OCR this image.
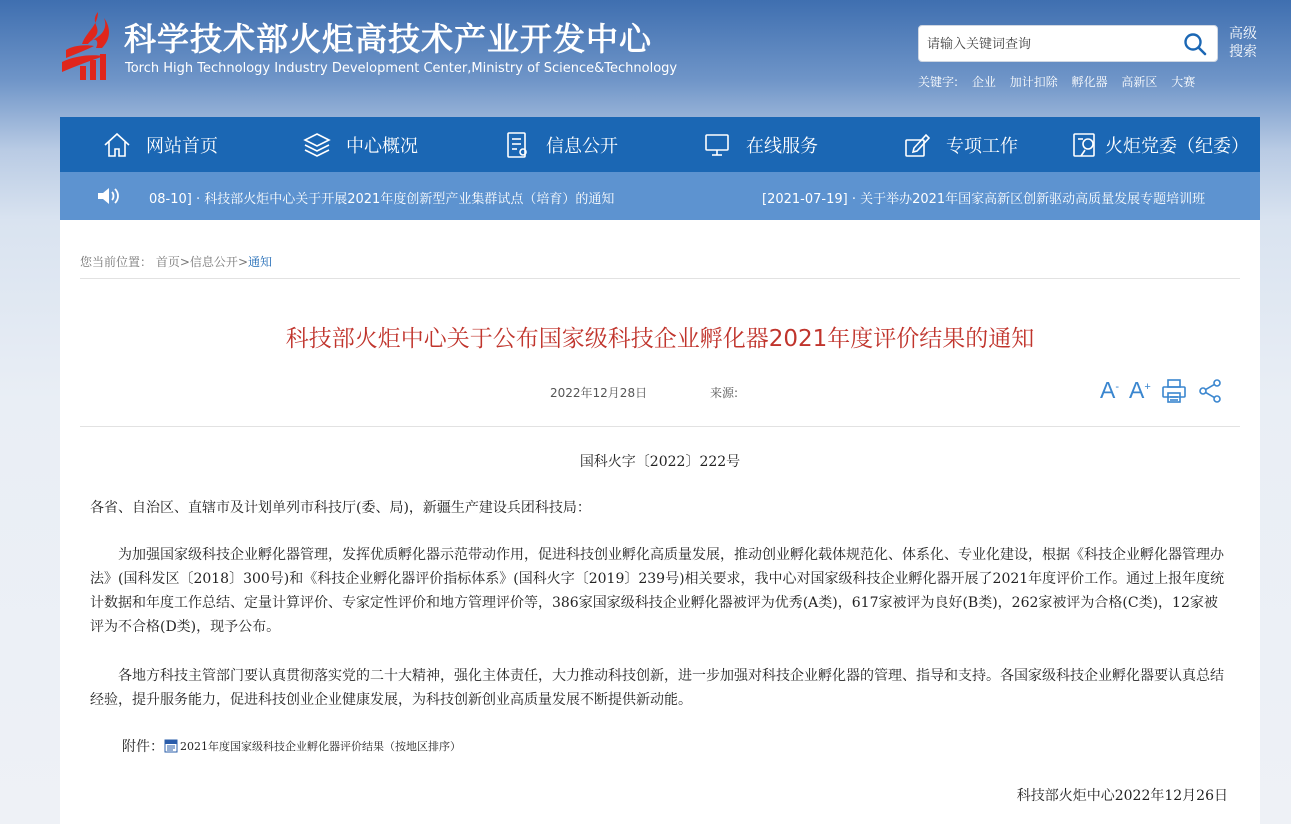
科学技术部火炬高技术产业开发中心
Torch High Technology Industry Development Center,Ministry of Science&Technology
请输入关键词查询
高级搜索
关键字: 企业 加计扣除 孵化器 高新区 大赛
网站首页	中心概况	信息公开	在线服务	专项工作	火炬党委（纪委）
08-10] · 科技部火炬中心关于开展2021年度创新型产业集群试点（培育）的通知	[2021-07-19] · 关于举办2021年国家高新区创新驱动高质量发展专题培训班
您当前位置： 首页>信息公开>通知
科技部火炬中心关于公布国家级科技企业孵化器2021年度评价结果的通知
2022年12月28日	来源:	A- A+
国科火字〔2022〕222号

各省、自治区、直辖市及计划单列市科技厅(委、局)，新疆生产建设兵团科技局：

为加强国家级科技企业孵化器管理，发挥优质孵化器示范带动作用，促进科技创业孵化高质量发展，推动创业孵化载体规范化、体系化、专业化建设，根据《科技企业孵化器管理办法》(国科发区〔2018〕300号)和《科技企业孵化器评价指标体系》(国科火字〔2019〕239号)相关要求，我中心对国家级科技企业孵化器开展了2021年度评价工作。通过上报年度统计数据和年度工作总结、定量计算评价、专家定性评价和地方管理评价等，386家国家级科技企业孵化器被评为优秀(A类)，617家被评为良好(B类)，262家被评为合格(C类)，12家被评为不合格(D类)，现予公布。

各地方科技主管部门要认真贯彻落实党的二十大精神，强化主体责任，大力推动科技创新，进一步加强对科技企业孵化器的管理、指导和支持。各国家级科技企业孵化器要认真总结经验，提升服务能力，促进科技创业企业健康发展，为科技创新创业高质量发展不断提供新动能。

附件： 2021年度国家级科技企业孵化器评价结果（按地区排序）
科技部火炬中心2022年12月26日
